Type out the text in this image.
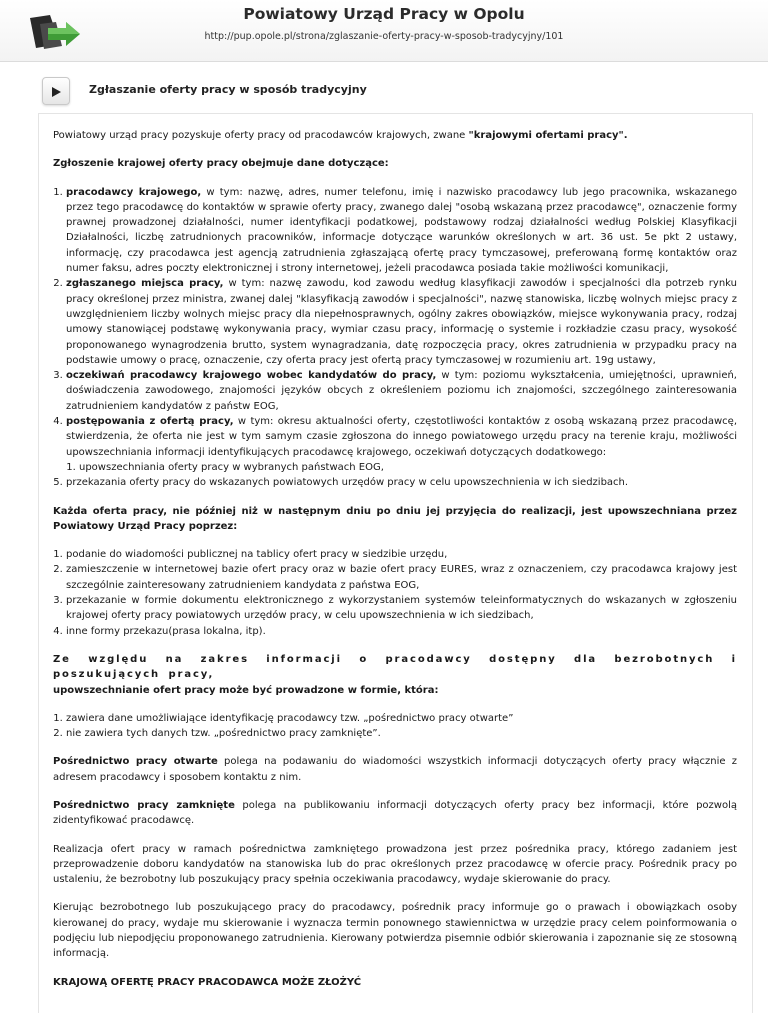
Powiatowy Urząd Pracy w Opolu
http://pup.opole.pl/strona/zglaszanie-oferty-pracy-w-sposob-tradycyjny/101
Zgłaszanie oferty pracy w sposób tradycyjny

Powiatowy urząd pracy pozyskuje oferty pracy od pracodawców krajowych, zwane "krajowymi ofertami pracy".

Zgłoszenie krajowej oferty pracy obejmuje dane dotyczące:

1. pracodawcy krajowego, w tym: nazwę, adres, numer telefonu, imię i nazwisko pracodawcy lub jego pracownika, wskazanego przez tego pracodawcę do kontaktów w sprawie oferty pracy, zwanego dalej "osobą wskazaną przez pracodawcę", oznaczenie formy prawnej prowadzonej działalności, numer identyfikacji podatkowej, podstawowy rodzaj działalności według Polskiej Klasyfikacji Działalności, liczbę zatrudnionych pracowników, informacje dotyczące warunków określonych w art. 36 ust. 5e pkt 2 ustawy, informację, czy pracodawca jest agencją zatrudnienia zgłaszającą ofertę pracy tymczasowej, preferowaną formę kontaktów oraz numer faksu, adres poczty elektronicznej i strony internetowej, jeżeli pracodawca posiada takie możliwości komunikacji,
2. zgłaszanego miejsca pracy, w tym: nazwę zawodu, kod zawodu według klasyfikacji zawodów i specjalności dla potrzeb rynku pracy określonej przez ministra, zwanej dalej "klasyfikacją zawodów i specjalności", nazwę stanowiska, liczbę wolnych miejsc pracy z uwzględnieniem liczby wolnych miejsc pracy dla niepełnosprawnych, ogólny zakres obowiązków, miejsce wykonywania pracy, rodzaj umowy stanowiącej podstawę wykonywania pracy, wymiar czasu pracy, informację o systemie i rozkładzie czasu pracy, wysokość proponowanego wynagrodzenia brutto, system wynagradzania, datę rozpoczęcia pracy, okres zatrudnienia w przypadku pracy na podstawie umowy o pracę, oznaczenie, czy oferta pracy jest ofertą pracy tymczasowej w rozumieniu art. 19g ustawy,
3. oczekiwań pracodawcy krajowego wobec kandydatów do pracy, w tym: poziomu wykształcenia, umiejętności, uprawnień, doświadczenia zawodowego, znajomości języków obcych z określeniem poziomu ich znajomości, szczególnego zainteresowania zatrudnieniem kandydatów z państw EOG,
4. postępowania z ofertą pracy, w tym: okresu aktualności oferty, częstotliwości kontaktów z osobą wskazaną przez pracodawcę, stwierdzenia, że oferta nie jest w tym samym czasie zgłoszona do innego powiatowego urzędu pracy na terenie kraju, możliwości upowszechniania informacji identyfikujących pracodawcę krajowego, oczekiwań dotyczących dodatkowego:
1. upowszechniania oferty pracy w wybranych państwach EOG,
5. przekazania oferty pracy do wskazanych powiatowych urzędów pracy w celu upowszechnienia w ich siedzibach.

Każda oferta pracy, nie później niż w następnym dniu po dniu jej przyjęcia do realizacji, jest upowszechniana przez Powiatowy Urząd Pracy poprzez:

1. podanie do wiadomości publicznej na tablicy ofert pracy w siedzibie urzędu,
2. zamieszczenie w internetowej bazie ofert pracy oraz w bazie ofert pracy EURES, wraz z oznaczeniem, czy pracodawca krajowy jest szczególnie zainteresowany zatrudnieniem kandydata z państwa EOG,
3. przekazanie w formie dokumentu elektronicznego z wykorzystaniem systemów teleinformatycznych do wskazanych w zgłoszeniu krajowej oferty pracy powiatowych urzędów pracy, w celu upowszechnienia w ich siedzibach,
4. inne formy przekazu(prasa lokalna, itp).

Ze względu na zakres informacji o pracodawcy dostępny dla bezrobotnych i poszukujących pracy,
upowszechnianie ofert pracy może być prowadzone w formie, która:

1. zawiera dane umożliwiające identyfikację pracodawcy tzw. „pośrednictwo pracy otwarte”
2. nie zawiera tych danych tzw. „pośrednictwo pracy zamknięte”.

Pośrednictwo pracy otwarte polega na podawaniu do wiadomości wszystkich informacji dotyczących oferty pracy włącznie z adresem pracodawcy i sposobem kontaktu z nim.

Pośrednictwo pracy zamknięte polega na publikowaniu informacji dotyczących oferty pracy bez informacji, które pozwolą zidentyfikować pracodawcę.

Realizacja ofert pracy w ramach pośrednictwa zamkniętego prowadzona jest przez pośrednika pracy, którego zadaniem jest przeprowadzenie doboru kandydatów na stanowiska lub do prac określonych przez pracodawcę w ofercie pracy. Pośrednik pracy po ustaleniu, że bezrobotny lub poszukujący pracy spełnia oczekiwania pracodawcy, wydaje skierowanie do pracy.

Kierując bezrobotnego lub poszukującego pracy do pracodawcy, pośrednik pracy informuje go o prawach i obowiązkach osoby kierowanej do pracy, wydaje mu skierowanie i wyznacza termin ponownego stawiennictwa w urzędzie pracy celem poinformowania o podjęciu lub niepodjęciu proponowanego zatrudnienia. Kierowany potwierdza pisemnie odbiór skierowania i zapoznanie się ze stosowną informacją.

KRAJOWĄ OFERTĘ PRACY PRACODAWCA MOŻE ZŁOŻYĆ
